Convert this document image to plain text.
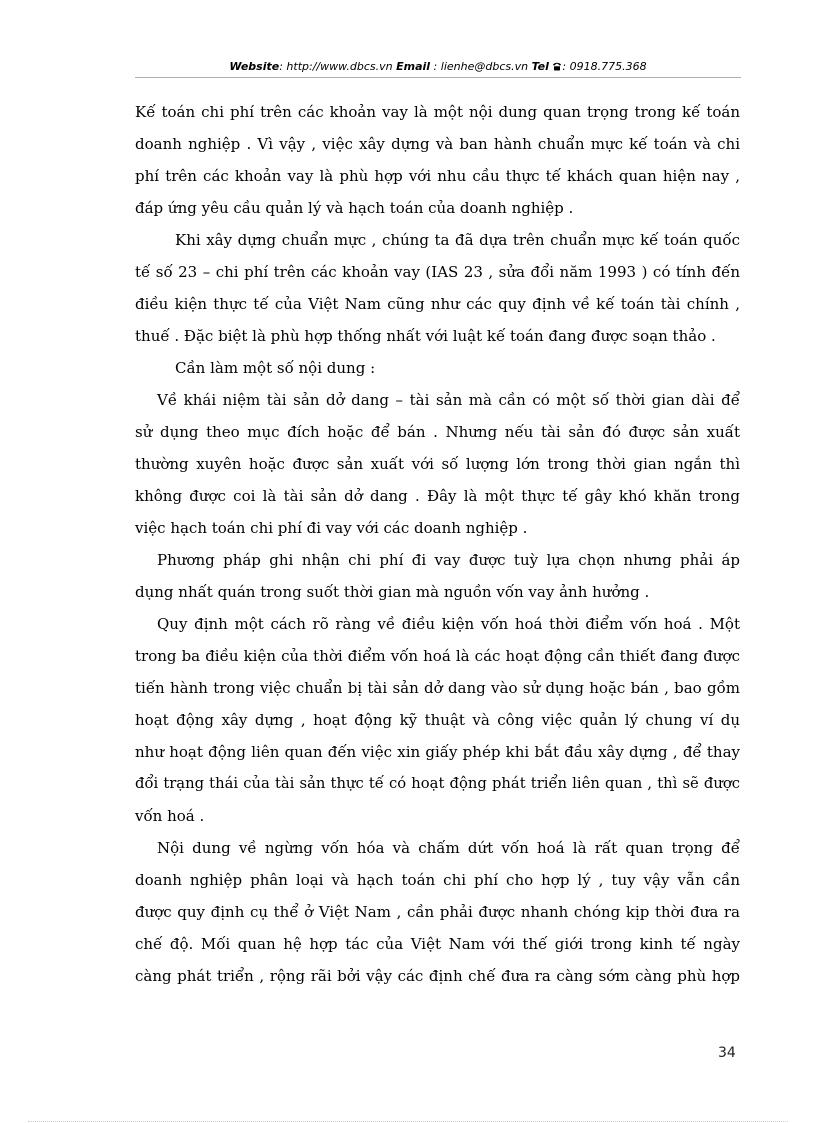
Website: http://www.dbcs.vn Email : lienhe@dbcs.vn Tel : 0918.775.368
Kế toán chi phí trên các khoản vay là một nội dung quan trọng trong kế toán
doanh nghiệp . Vì vậy , việc xây dựng và ban hành chuẩn mực kế toán và chi
phí trên các khoản vay là phù hợp với nhu cầu thực tế khách quan hiện nay ,
đáp ứng yêu cầu quản lý và hạch toán của doanh nghiệp .
Khi xây dựng chuẩn mực , chúng ta đã dựa trên chuẩn mực kế toán quốc
tế số 23 – chi phí trên các khoản vay (IAS 23 , sửa đổi năm 1993 ) có tính đến
điều kiện thực tế của Việt Nam cũng như các quy định về kế toán tài chính ,
thuế . Đặc biệt là phù hợp thống nhất với luật kế toán đang được soạn thảo .
Cần làm một số nội dung :
Về khái niệm tài sản dở dang – tài sản mà cần có một số thời gian dài để
sử dụng theo mục đích hoặc để bán . Nhưng nếu tài sản đó được sản xuất
thường xuyên hoặc được sản xuất với số lượng lớn trong thời gian ngắn thì
không được coi là tài sản dở dang . Đây là một thực tế gây khó khăn trong
việc hạch toán chi phí đi vay với các doanh nghiệp .
Phương pháp ghi nhận chi phí đi vay được tuỳ lựa chọn nhưng phải áp
dụng nhất quán trong suốt thời gian mà nguồn vốn vay ảnh hưởng .
Quy định một cách rõ ràng về điều kiện vốn hoá thời điểm vốn hoá . Một
trong ba điều kiện của thời điểm vốn hoá là các hoạt động cần thiết đang được
tiến hành trong việc chuẩn bị tài sản dở dang vào sử dụng hoặc bán , bao gồm
hoạt động xây dựng , hoạt động kỹ thuật và công việc quản lý chung ví dụ
như hoạt động liên quan đến việc xin giấy phép khi bắt đầu xây dựng , để thay
đổi trạng thái của tài sản thực tế có hoạt động phát triển liên quan , thì sẽ được
vốn hoá .
Nội dung về ngừng vốn hóa và chấm dứt vốn hoá là rất quan trọng để
doanh nghiệp phân loại và hạch toán chi phí cho hợp lý , tuy vậy vẫn cần
được quy định cụ thể ở Việt Nam , cần phải được nhanh chóng kịp thời đưa ra
chế độ. Mối quan hệ hợp tác của Việt Nam với thế giới trong kinh tế ngày
càng phát triển , rộng rãi bởi vậy các định chế đưa ra càng sớm càng phù hợp
34
